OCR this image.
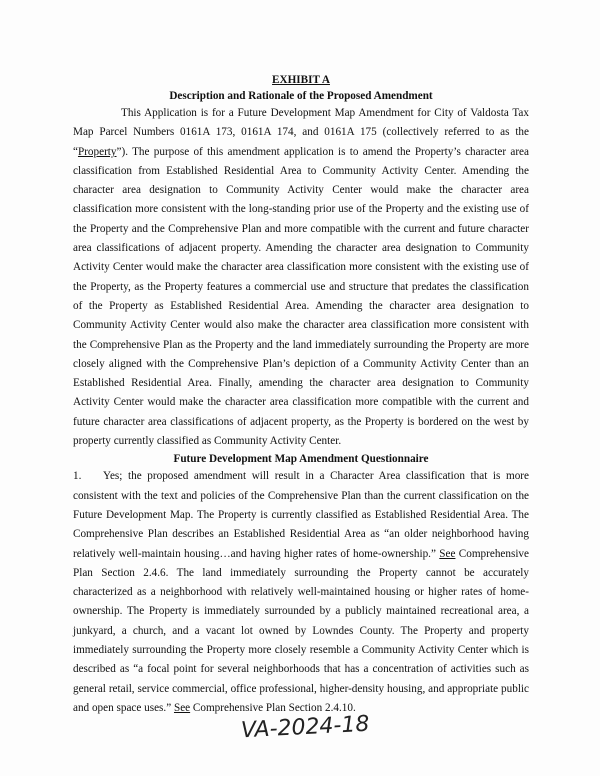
EXHIBIT A

Description and Rationale of the Proposed Amendment

This Application is for a Future Development Map Amendment for City of Valdosta Tax Map Parcel Numbers 0161A 173, 0161A 174, and 0161A 175 (collectively referred to as the “Property”). The purpose of this amendment application is to amend the Property’s character area classification from Established Residential Area to Community Activity Center. Amending the character area designation to Community Activity Center would make the character area classification more consistent with the long-standing prior use of the Property and the existing use of the Property and the Comprehensive Plan and more compatible with the current and future character area classifications of adjacent property. Amending the character area designation to Community Activity Center would make the character area classification more consistent with the existing use of the Property, as the Property features a commercial use and structure that predates the classification of the Property as Established Residential Area. Amending the character area designation to Community Activity Center would also make the character area classification more consistent with the Comprehensive Plan as the Property and the land immediately surrounding the Property are more closely aligned with the Comprehensive Plan’s depiction of a Community Activity Center than an Established Residential Area. Finally, amending the character area designation to Community Activity Center would make the character area classification more compatible with the current and future character area classifications of adjacent property, as the Property is bordered on the west by property currently classified as Community Activity Center.

Future Development Map Amendment Questionnaire

1. Yes; the proposed amendment will result in a Character Area classification that is more consistent with the text and policies of the Comprehensive Plan than the current classification on the Future Development Map. The Property is currently classified as Established Residential Area. The Comprehensive Plan describes an Established Residential Area as “an older neighborhood having relatively well-maintain housing…and having higher rates of home-ownership.” See Comprehensive Plan Section 2.4.6. The land immediately surrounding the Property cannot be accurately characterized as a neighborhood with relatively well-maintained housing or higher rates of home-ownership. The Property is immediately surrounded by a publicly maintained recreational area, a junkyard, a church, and a vacant lot owned by Lowndes County. The Property and property immediately surrounding the Property more closely resemble a Community Activity Center which is described as “a focal point for several neighborhoods that has a concentration of activities such as general retail, service commercial, office professional, higher-density housing, and appropriate public and open space uses.” See Comprehensive Plan Section 2.4.10.

VA-2024-18
